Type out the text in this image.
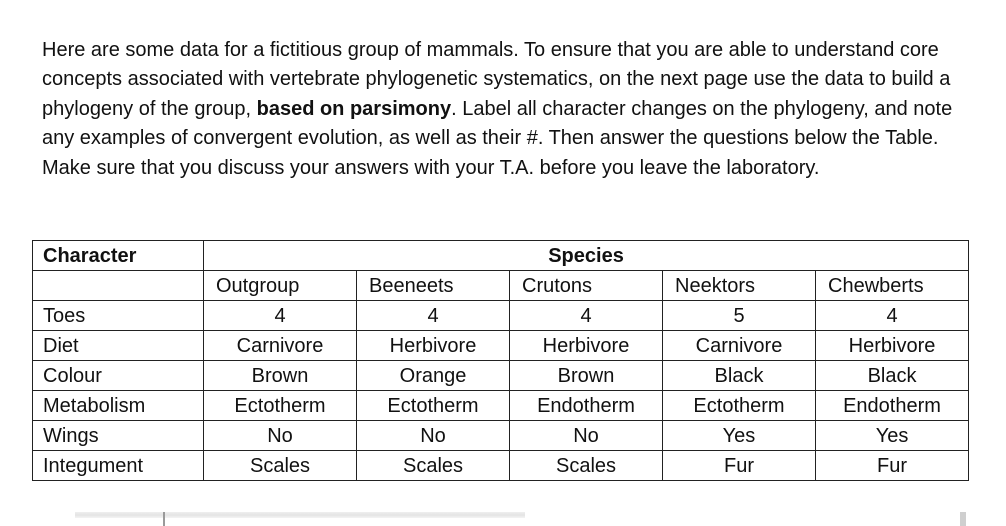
Here are some data for a fictitious group of mammals. To ensure that you are able to understand core concepts associated with vertebrate phylogenetic systematics, on the next page use the data to build a phylogeny of the group, based on parsimony. Label all character changes on the phylogeny, and note any examples of convergent evolution, as well as their #. Then answer the questions below the Table. Make sure that you discuss your answers with your T.A. before you leave the laboratory.

Character	Species				
	Outgroup	Beeneets	Crutons	Neektors	Chewberts
Toes	4	4	4	5	4
Diet	Carnivore	Herbivore	Herbivore	Carnivore	Herbivore
Colour	Brown	Orange	Brown	Black	Black
Metabolism	Ectotherm	Ectotherm	Endotherm	Ectotherm	Endotherm
Wings	No	No	No	Yes	Yes
Integument	Scales	Scales	Scales	Fur	Fur
